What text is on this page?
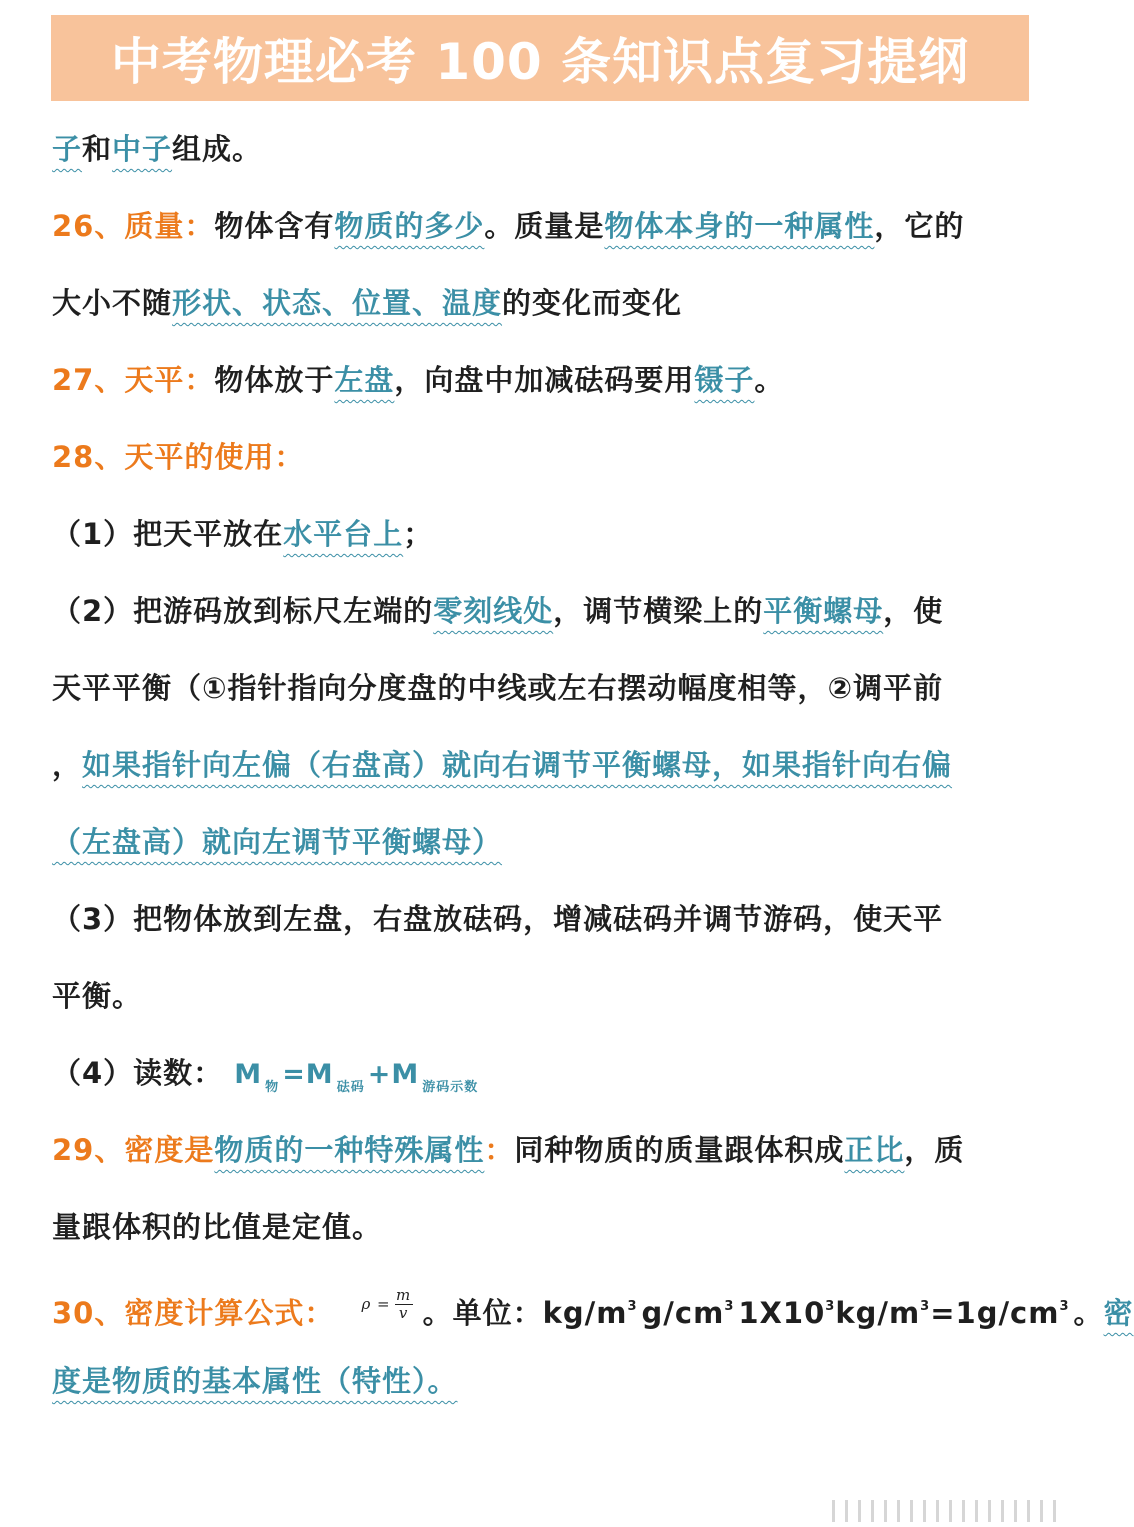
中考物理必考 100 条知识点复习提纲
子和中子组成。
26、质量：物体含有物质的多少。质量是物体本身的一种属性，它的
大小不随形状、状态、位置、温度的变化而变化
27、天平：物体放于左盘，向盘中加减砝码要用镊子。
28、天平的使用：
（1）把天平放在水平台上；
（2）把游码放到标尺左端的零刻线处，调节横梁上的平衡螺母，使
天平平衡（①指针指向分度盘的中线或左右摆动幅度相等，②调平前
，如果指针向左偏（右盘高）就向右调节平衡螺母，如果指针向右偏
（左盘高）就向左调节平衡螺母）
（3）把物体放到左盘，右盘放砝码，增减砝码并调节游码，使天平
平衡。
（4）读数： M $_物$ =M $_{砝码}$ +M $_{游码示数}$
29、密度是物质的一种特殊属性：同种物质的质量跟体积成正比，质
量跟体积的比值是定值。
30、密度计算公式： $\rho = \frac{m}{v}$ 。单位：$kg/m^3$ $g/cm^3$ $1X10^3kg/m^3=1g/cm^3$ 。密
度是物质的基本属性（特性）。
